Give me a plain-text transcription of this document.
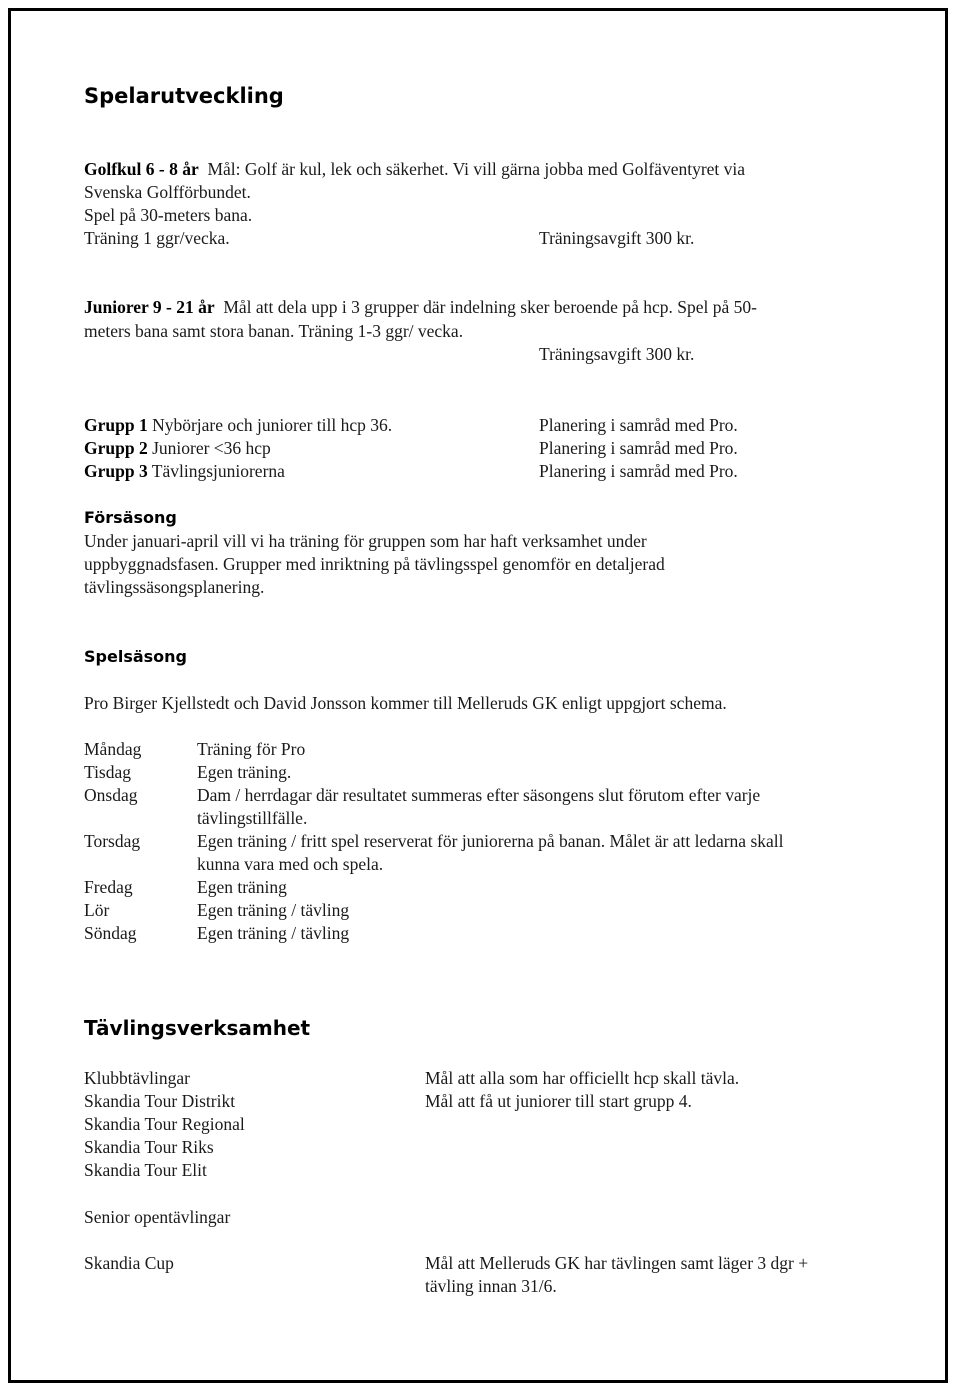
Spelarutveckling
Golfkul 6 - 8 år Mål: Golf är kul, lek och säkerhet. Vi vill gärna jobba med Golfäventyret via
Svenska Golfförbundet.
Spel på 30-meters bana.
Träning 1 ggr/vecka.	Träningsavgift 300 kr.
Juniorer 9 - 21 år Mål att dela upp i 3 grupper där indelning sker beroende på hcp. Spel på 50-
meters bana samt stora banan. Träning 1-3 ggr/ vecka.
Träningsavgift 300 kr.
Grupp 1 Nybörjare och juniorer till hcp 36.	Planering i samråd med Pro.
Grupp 2 Juniorer <36 hcp	Planering i samråd med Pro.
Grupp 3 Tävlingsjuniorerna	Planering i samråd med Pro.
Försäsong
Under januari-april vill vi ha träning för gruppen som har haft verksamhet under
uppbyggnadsfasen. Grupper med inriktning på tävlingsspel genomför en detaljerad
tävlingssäsongsplanering.
Spelsäsong
Pro Birger Kjellstedt och David Jonsson kommer till Melleruds GK enligt uppgjort schema.
Måndag	Träning för Pro
Tisdag	Egen träning.
Onsdag	Dam / herrdagar där resultatet summeras efter säsongens slut förutom efter varje
tävlingstillfälle.
Torsdag	Egen träning / fritt spel reserverat för juniorerna på banan. Målet är att ledarna skall
kunna vara med och spela.
Fredag	Egen träning
Lör	Egen träning / tävling
Söndag	Egen träning / tävling
Tävlingsverksamhet
Klubbtävlingar	Mål att alla som har officiellt hcp skall tävla.
Skandia Tour Distrikt	Mål att få ut juniorer till start grupp 4.
Skandia Tour Regional
Skandia Tour Riks
Skandia Tour Elit
Senior opentävlingar
Skandia Cup	Mål att Melleruds GK har tävlingen samt läger 3 dgr +
tävling innan 31/6.
